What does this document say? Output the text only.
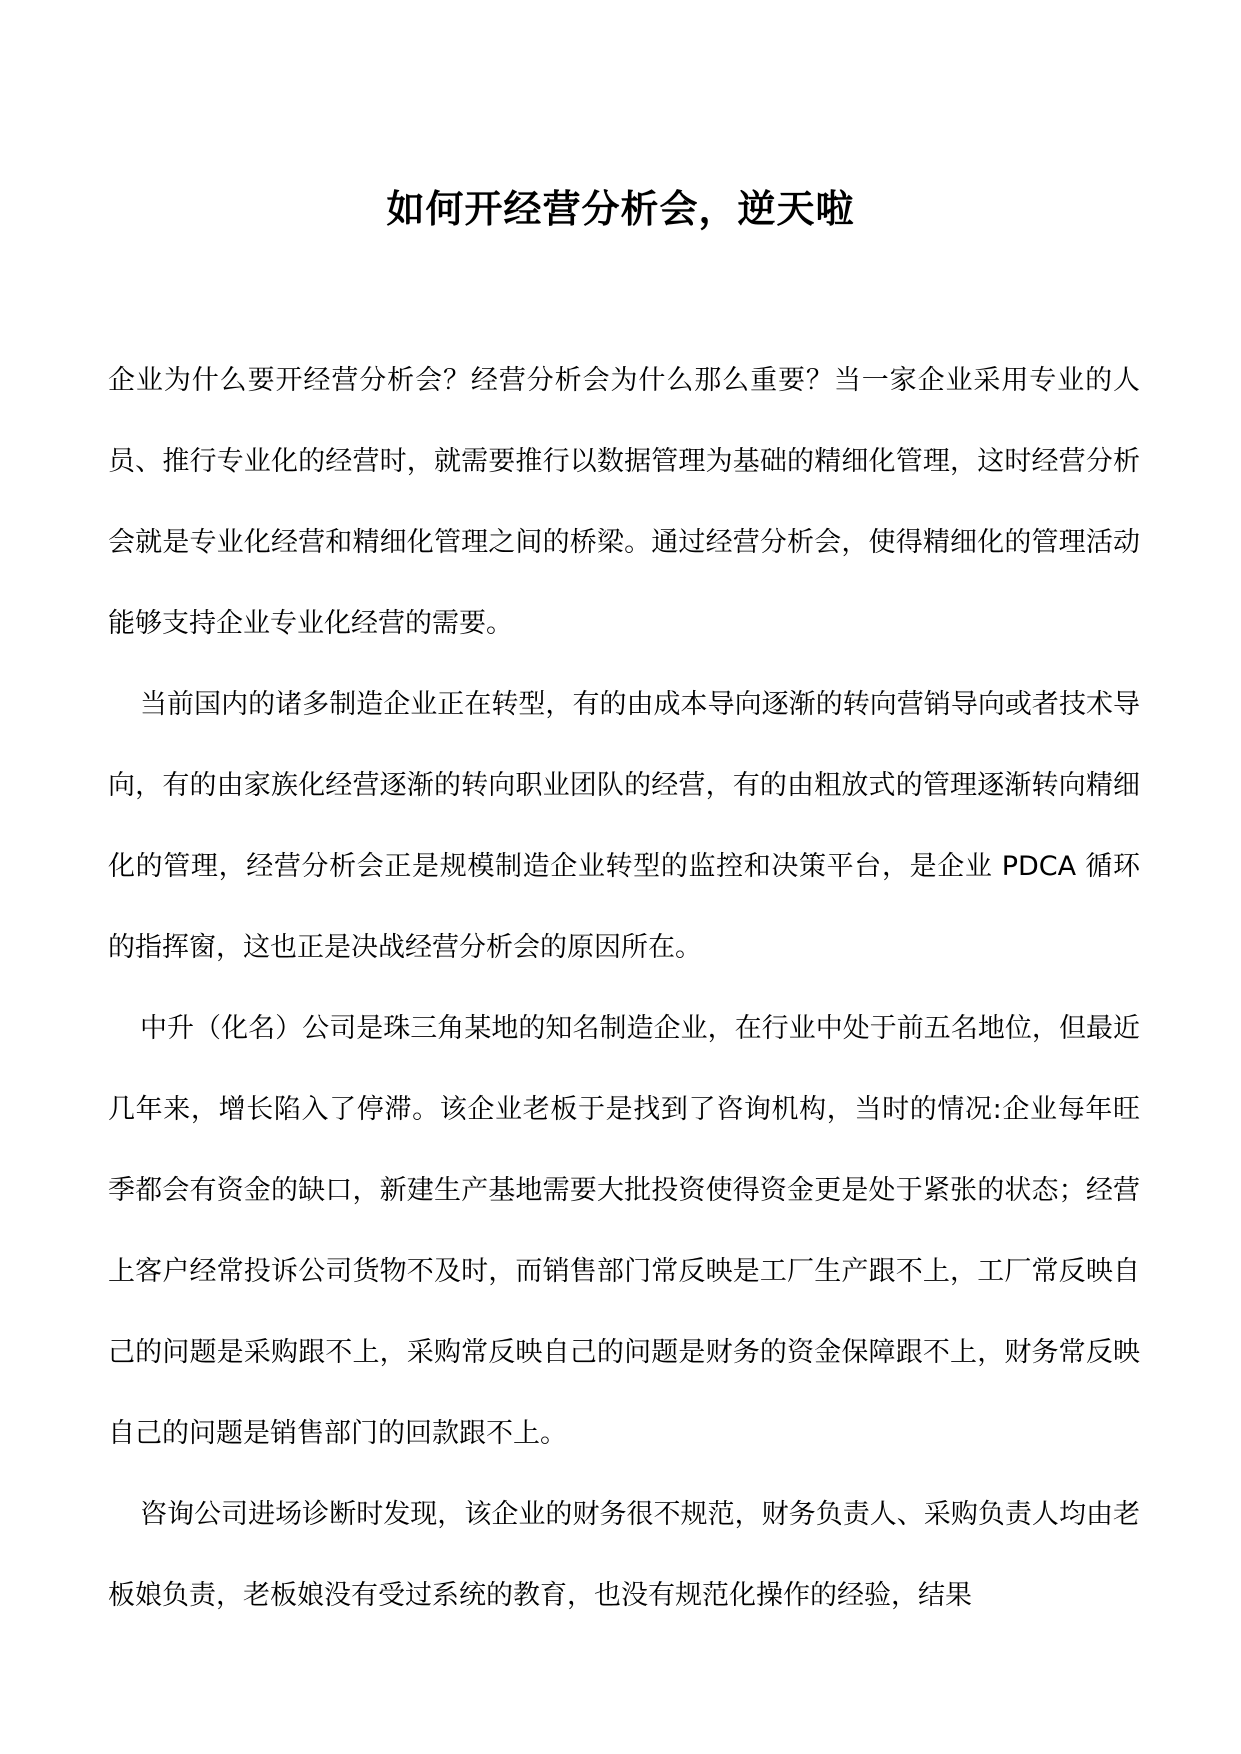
如何开经营分析会，逆天啦

企业为什么要开经营分析会？经营分析会为什么那么重要？当一家企业采用专业的人员、推行专业化的经营时，就需要推行以数据管理为基础的精细化管理，这时经营分析会就是专业化经营和精细化管理之间的桥梁。通过经营分析会，使得精细化的管理活动能够支持企业专业化经营的需要。

当前国内的诸多制造企业正在转型，有的由成本导向逐渐的转向营销导向或者技术导向，有的由家族化经营逐渐的转向职业团队的经营，有的由粗放式的管理逐渐转向精细化的管理，经营分析会正是规模制造企业转型的监控和决策平台，是企业 PDCA 循环的指挥窗，这也正是决战经营分析会的原因所在。

中升（化名）公司是珠三角某地的知名制造企业，在行业中处于前五名地位，但最近几年来，增长陷入了停滞。该企业老板于是找到了咨询机构，当时的情况:企业每年旺季都会有资金的缺口，新建生产基地需要大批投资使得资金更是处于紧张的状态；经营上客户经常投诉公司货物不及时，而销售部门常反映是工厂生产跟不上，工厂常反映自己的问题是采购跟不上，采购常反映自己的问题是财务的资金保障跟不上，财务常反映自己的问题是销售部门的回款跟不上。

咨询公司进场诊断时发现，该企业的财务很不规范，财务负责人、采购负责人均由老板娘负责，老板娘没有受过系统的教育，也没有规范化操作的经验，结果
